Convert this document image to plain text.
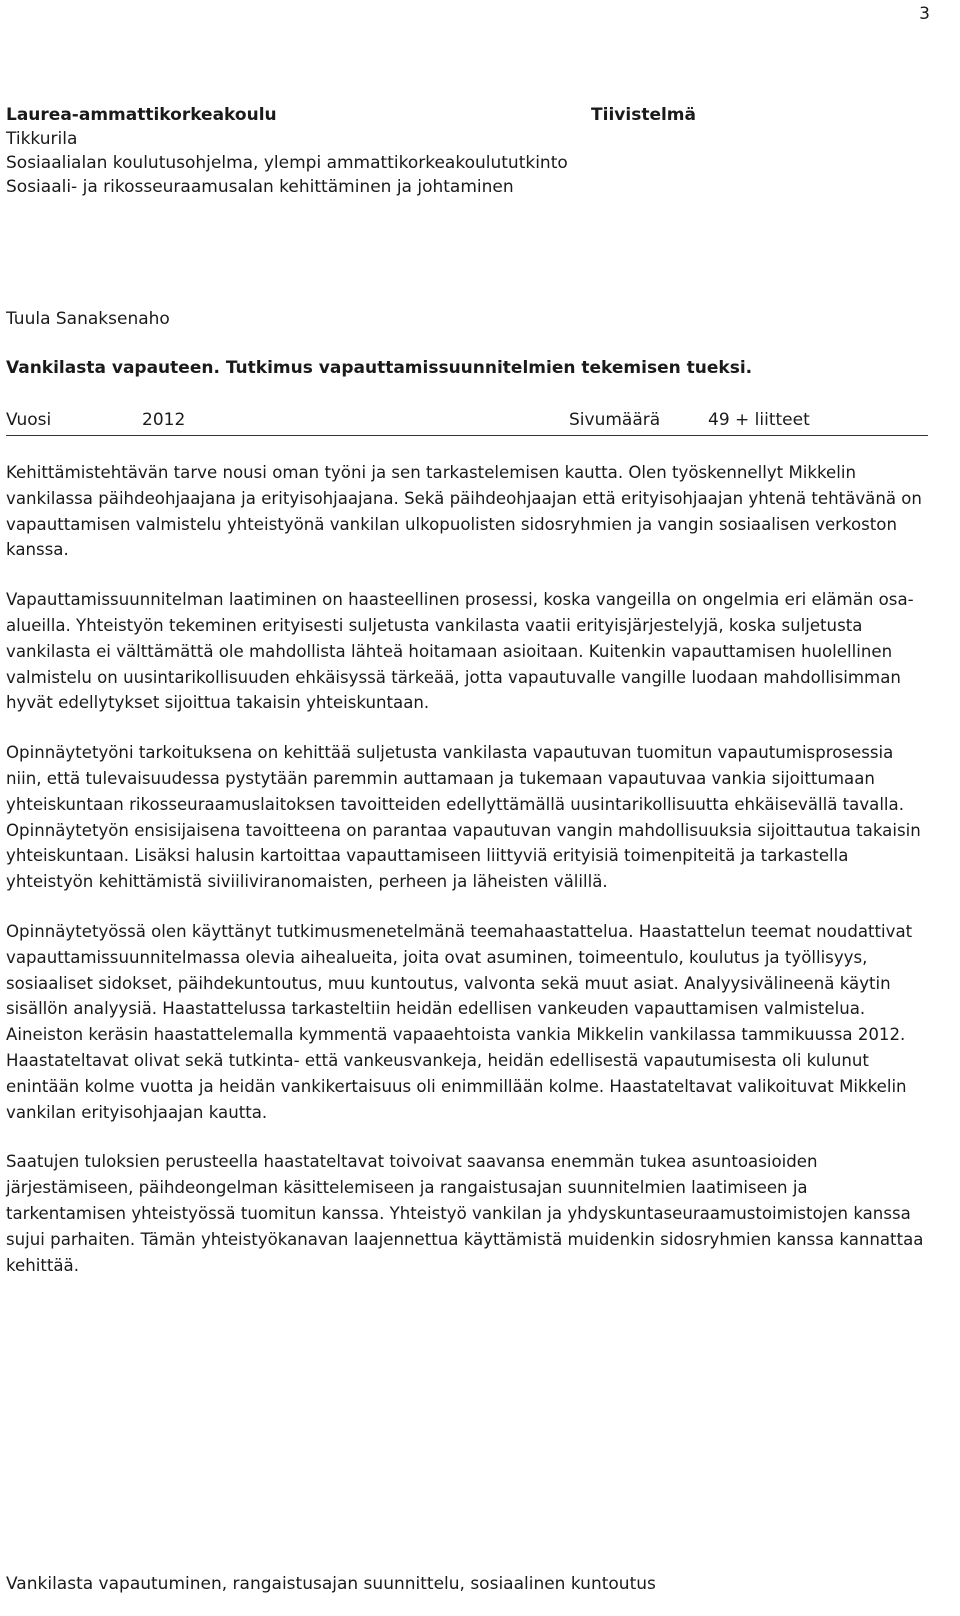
3
Laurea-ammattikorkeakoulu	Tiivistelmä
Tikkurila
Sosiaalialan koulutusohjelma, ylempi ammattikorkeakoulututkinto
Sosiaali- ja rikosseuraamusalan kehittäminen ja johtaminen
Tuula Sanaksenaho
Vankilasta vapauteen. Tutkimus vapauttamissuunnitelmien tekemisen tueksi.
Vuosi	2012	Sivumäärä	49 + liitteet

Kehittämistehtävän tarve nousi oman työni ja sen tarkastelemisen kautta. Olen työskennellyt Mikkelin vankilassa päihdeohjaajana ja erityisohjaajana. Sekä päihdeohjaajan että erityisohjaajan yhtenä tehtävänä on vapauttamisen valmistelu yhteistyönä vankilan ulkopuolisten sidosryhmien ja vangin sosiaalisen verkoston kanssa.

Vapauttamissuunnitelman laatiminen on haasteellinen prosessi, koska vangeilla on ongelmia eri elämän osa-alueilla. Yhteistyön tekeminen erityisesti suljetusta vankilasta vaatii erityisjärjestelyjä, koska suljetusta vankilasta ei välttämättä ole mahdollista lähteä hoitamaan asioitaan. Kuitenkin vapauttamisen huolellinen valmistelu on uusintarikollisuuden ehkäisyssä tärkeää, jotta vapautuvalle vangille luodaan mahdollisimman hyvät edellytykset sijoittua takaisin yhteiskuntaan.

Opinnäytetyöni tarkoituksena on kehittää suljetusta vankilasta vapautuvan tuomitun vapautumisprosessia niin, että tulevaisuudessa pystytään paremmin auttamaan ja tukemaan vapautuvaa vankia sijoittumaan yhteiskuntaan rikosseuraamuslaitoksen tavoitteiden edellyttämällä uusintarikollisuutta ehkäisevällä tavalla. Opinnäytetyön ensisijaisena tavoitteena on parantaa vapautuvan vangin mahdollisuuksia sijoittautua takaisin yhteiskuntaan. Lisäksi halusin kartoittaa vapauttamiseen liittyviä erityisiä toimenpiteitä ja tarkastella yhteistyön kehittämistä siviiliviranomaisten, perheen ja läheisten välillä.

Opinnäytetyössä olen käyttänyt tutkimusmenetelmänä teemahaastattelua. Haastattelun teemat noudattivat vapauttamissuunnitelmassa olevia aihealueita, joita ovat asuminen, toimeentulo, koulutus ja työllisyys, sosiaaliset sidokset, päihdekuntoutus, muu kuntoutus, valvonta sekä muut asiat. Analyysivälineenä käytin sisällön analyysiä. Haastattelussa tarkasteltiin heidän edellisen vankeuden vapauttamisen valmistelua. Aineiston keräsin haastattelemalla kymmentä vapaaehtoista vankia Mikkelin vankilassa tammikuussa 2012. Haastateltavat olivat sekä tutkinta- että vankeusvankeja, heidän edellisestä vapautumisesta oli kulunut enintään kolme vuotta ja heidän vankikertaisuus oli enimmillään kolme. Haastateltavat valikoituvat Mikkelin vankilan erityisohjaajan kautta.

Saatujen tuloksien perusteella haastateltavat toivoivat saavansa enemmän tukea asuntoasioiden järjestämiseen, päihdeongelman käsittelemiseen ja rangaistusajan suunnitelmien laatimiseen ja tarkentamisen yhteistyössä tuomitun kanssa. Yhteistyö vankilan ja yhdyskuntaseuraamustoimistojen kanssa sujui parhaiten. Tämän yhteistyökanavan laajennettua käyttämistä muidenkin sidosryhmien kanssa kannattaa kehittää.

Vankilasta vapautuminen, rangaistusajan suunnittelu, sosiaalinen kuntoutus
